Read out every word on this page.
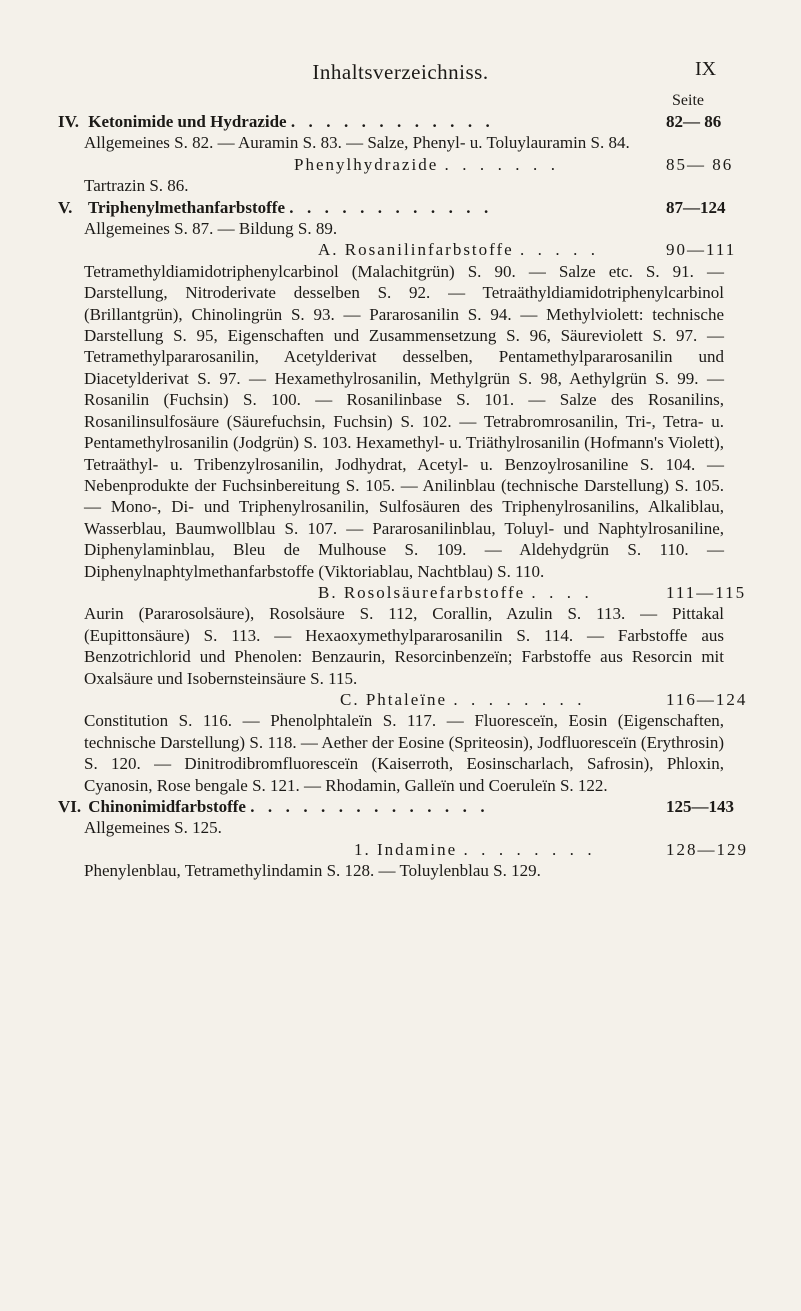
Inhaltsverzeichniss.	IX
Seite
IV. Ketonimide und Hydrazide . . . . . . . . . . . .	82— 86

Allgemeines S. 82. — Auramin S. 83. — Salze, Phenyl- u. Toluylauramin S. 84.

Phenylhydrazide . . . . . . .	85— 86

Tartrazin S. 86.

V. Triphenylmethanfarbstoffe . . . . . . . . . . . .	87—124

Allgemeines S. 87. — Bildung S. 89.

A. Rosanilinfarbstoffe . . . . .	90—111

Tetramethyldiamidotriphenylcarbinol (Malachitgrün) S. 90. — Salze etc. S. 91. — Darstellung, Nitroderivate desselben S. 92. — Tetraäthyldiamidotriphenylcarbinol (Brillantgrün), Chinolingrün S. 93. — Pararosanilin S. 94. — Methylviolett: technische Darstellung S. 95, Eigenschaften und Zusammensetzung S. 96, Säureviolett S. 97. — Tetramethylpararosanilin, Acetylderivat desselben, Pentamethylpararosanilin und Diacetylderivat S. 97. — Hexamethylrosanilin, Methylgrün S. 98, Aethylgrün S. 99. — Rosanilin (Fuchsin) S. 100. — Rosanilinbase S. 101. — Salze des Rosanilins, Rosanilinsulfosäure (Säurefuchsin, Fuchsin) S. 102. — Tetrabromrosanilin, Tri-, Tetra- u. Pentamethylrosanilin (Jodgrün) S. 103. Hexamethyl- u. Triäthylrosanilin (Hofmann's Violett), Tetraäthyl- u. Tribenzylrosanilin, Jodhydrat, Acetyl- u. Benzoylrosaniline S. 104. — Nebenprodukte der Fuchsinbereitung S. 105. — Anilinblau (technische Darstellung) S. 105. — Mono-, Di- und Triphenylrosanilin, Sulfosäuren des Triphenylrosanilins, Alkaliblau, Wasserblau, Baumwollblau S. 107. — Pararosanilinblau, Toluyl- und Naphtylrosaniline, Diphenylaminblau, Bleu de Mulhouse S. 109. — Aldehydgrün S. 110. — Diphenylnaphtylmethanfarbstoffe (Viktoriablau, Nachtblau) S. 110.

B. Rosolsäurefarbstoffe . . . .	111—115

Aurin (Pararosolsäure), Rosolsäure S. 112, Corallin, Azulin S. 113. — Pittakal (Eupittonsäure) S. 113. — Hexaoxymethylpararosanilin S. 114. — Farbstoffe aus Benzotrichlorid und Phenolen: Benzaurin, Resorcinbenzeïn; Farbstoffe aus Resorcin mit Oxalsäure und Isobernsteinsäure S. 115.

C. Phtaleïne . . . . . . . .	116—124

Constitution S. 116. — Phenolphtaleïn S. 117. — Fluoresceïn, Eosin (Eigenschaften, technische Darstellung) S. 118. — Aether der Eosine (Spriteosin), Jodfluoresceïn (Erythrosin) S. 120. — Dinitrodibromfluoresceïn (Kaiserroth, Eosinscharlach, Safrosin), Phloxin, Cyanosin, Rose bengale S. 121. — Rhodamin, Galleïn und Coeruleïn S. 122.

VI. Chinonimidfarbstoffe . . . . . . . . . . . . . .	125—143

Allgemeines S. 125.

1. Indamine . . . . . . . .	128—129

Phenylenblau, Tetramethylindamin S. 128. — Toluylenblau S. 129.
